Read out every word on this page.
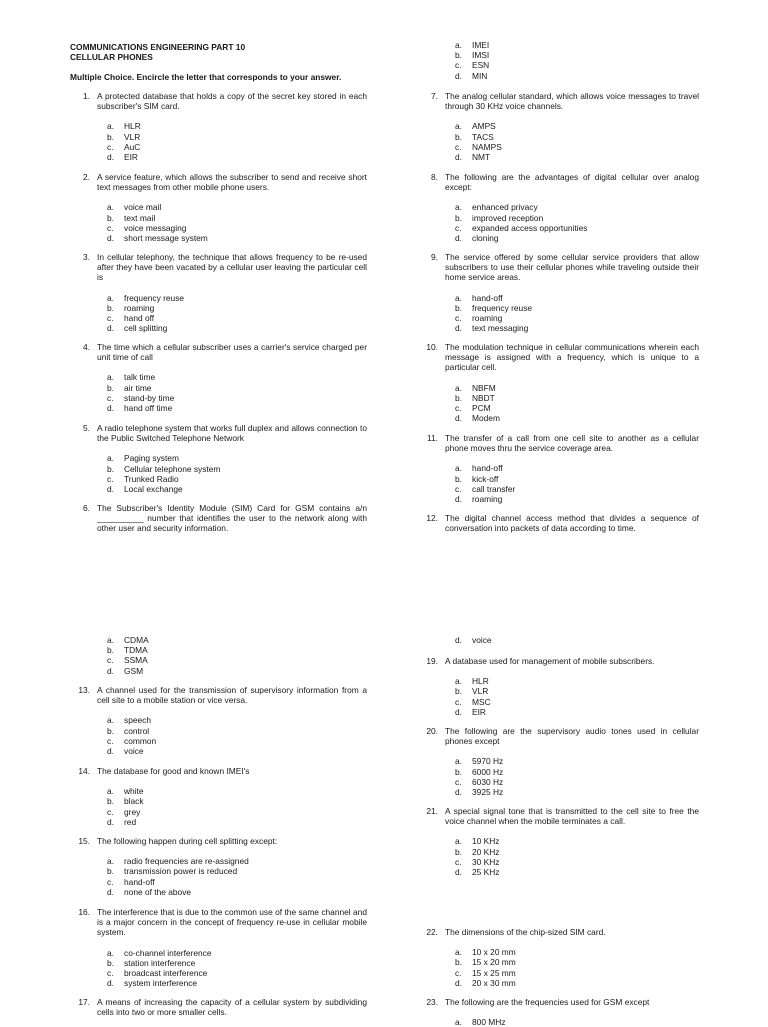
COMMUNICATIONS ENGINEERING PART 10
CELLULAR PHONES
Multiple Choice. Encircle the letter that corresponds to your answer.
1. A protected database that holds a copy of the secret key stored in each subscriber's SIM card.
a.	HLR
b.	VLR
c.	AuC
d.	EIR
2. A service feature, which allows the subscriber to send and receive short text messages from other mobile phone users.
a.	voice mail
b.	text mail
c.	voice messaging
d.	short message system
3. In cellular telephony, the technique that allows frequency to be re-used after they have been vacated by a cellular user leaving the particular cell is
a.	frequency reuse
b.	roaming
c.	hand off
d.	cell splitting
4. The time which a cellular subscriber uses a carrier's service charged per unit time of call
a.	talk time
b.	air time
c.	stand-by time
d.	hand off time
5. A radio telephone system that works full duplex and allows connection to the Public Switched Telephone Network
a.	Paging system
b.	Cellular telephone system
c.	Trunked Radio
d.	Local exchange
6. The Subscriber's Identity Module (SIM) Card for GSM contains a/n __________ number that identifies the user to the network along with other user and security information.
a.	IMEI
b.	IMSI
c.	ESN
d.	MIN
7. The analog cellular standard, which allows voice messages to travel through 30 KHz voice channels.
a.	AMPS
b.	TACS
c.	NAMPS
d.	NMT
8. The following are the advantages of digital cellular over analog except:
a.	enhanced privacy
b.	improved reception
c.	expanded access opportunities
d.	cloning
9. The service offered by some cellular service providers that allow subscribers to use their cellular phones while traveling outside their home service areas.
a.	hand-off
b.	frequency reuse
c.	roaming
d.	text messaging
10. The modulation technique in cellular communications wherein each message is assigned with a frequency, which is unique to a particular cell.
a.	NBFM
b.	NBDT
c.	PCM
d.	Modem
11. The transfer of a call from one cell site to another as a cellular phone moves thru the service coverage area.
a.	hand-off
b.	kick-off
c.	call transfer
d.	roaming
12. The digital channel access method that divides a sequence of conversation into packets of data according to time.
a.	CDMA
b.	TDMA
c.	SSMA
d.	GSM
13. A channel used for the transmission of supervisory information from a cell site to a mobile station or vice versa.
a.	speech
b.	control
c.	common
d.	voice
14. The database for good and known IMEI's
a.	white
b.	black
c.	grey
d.	red
15. The following happen during cell splitting except:
a.	radio frequencies are re-assigned
b.	transmission power is reduced
c.	hand-off
d.	none of the above
16. The interference that is due to the common use of the same channel and is a major concern in the concept of frequency re-use in cellular mobile system.
a.	co-channel interference
b.	station interference
c.	broadcast interference
d.	system interference
17. A means of increasing the capacity of a cellular system by subdividing cells into two or more smaller cells.
d.	voice
19. A database used for management of mobile subscribers.
a.	HLR
b.	VLR
c.	MSC
d.	EIR
20. The following are the supervisory audio tones used in cellular phones except
a.	5970 Hz
b.	6000 Hz
c.	6030 Hz
d.	3925 Hz
21. A special signal tone that is transmitted to the cell site to free the voice channel when the mobile terminates a call.
a.	10 KHz
b.	20 KHz
c.	30 KHz
d.	25 KHz
22. The dimensions of the chip-sized SIM card.
a.	10 x 20 mm
b.	15 x 20 mm
c.	15 x 25 mm
d.	20 x 30 mm
23. The following are the frequencies used for GSM except
a.	800 MHz
